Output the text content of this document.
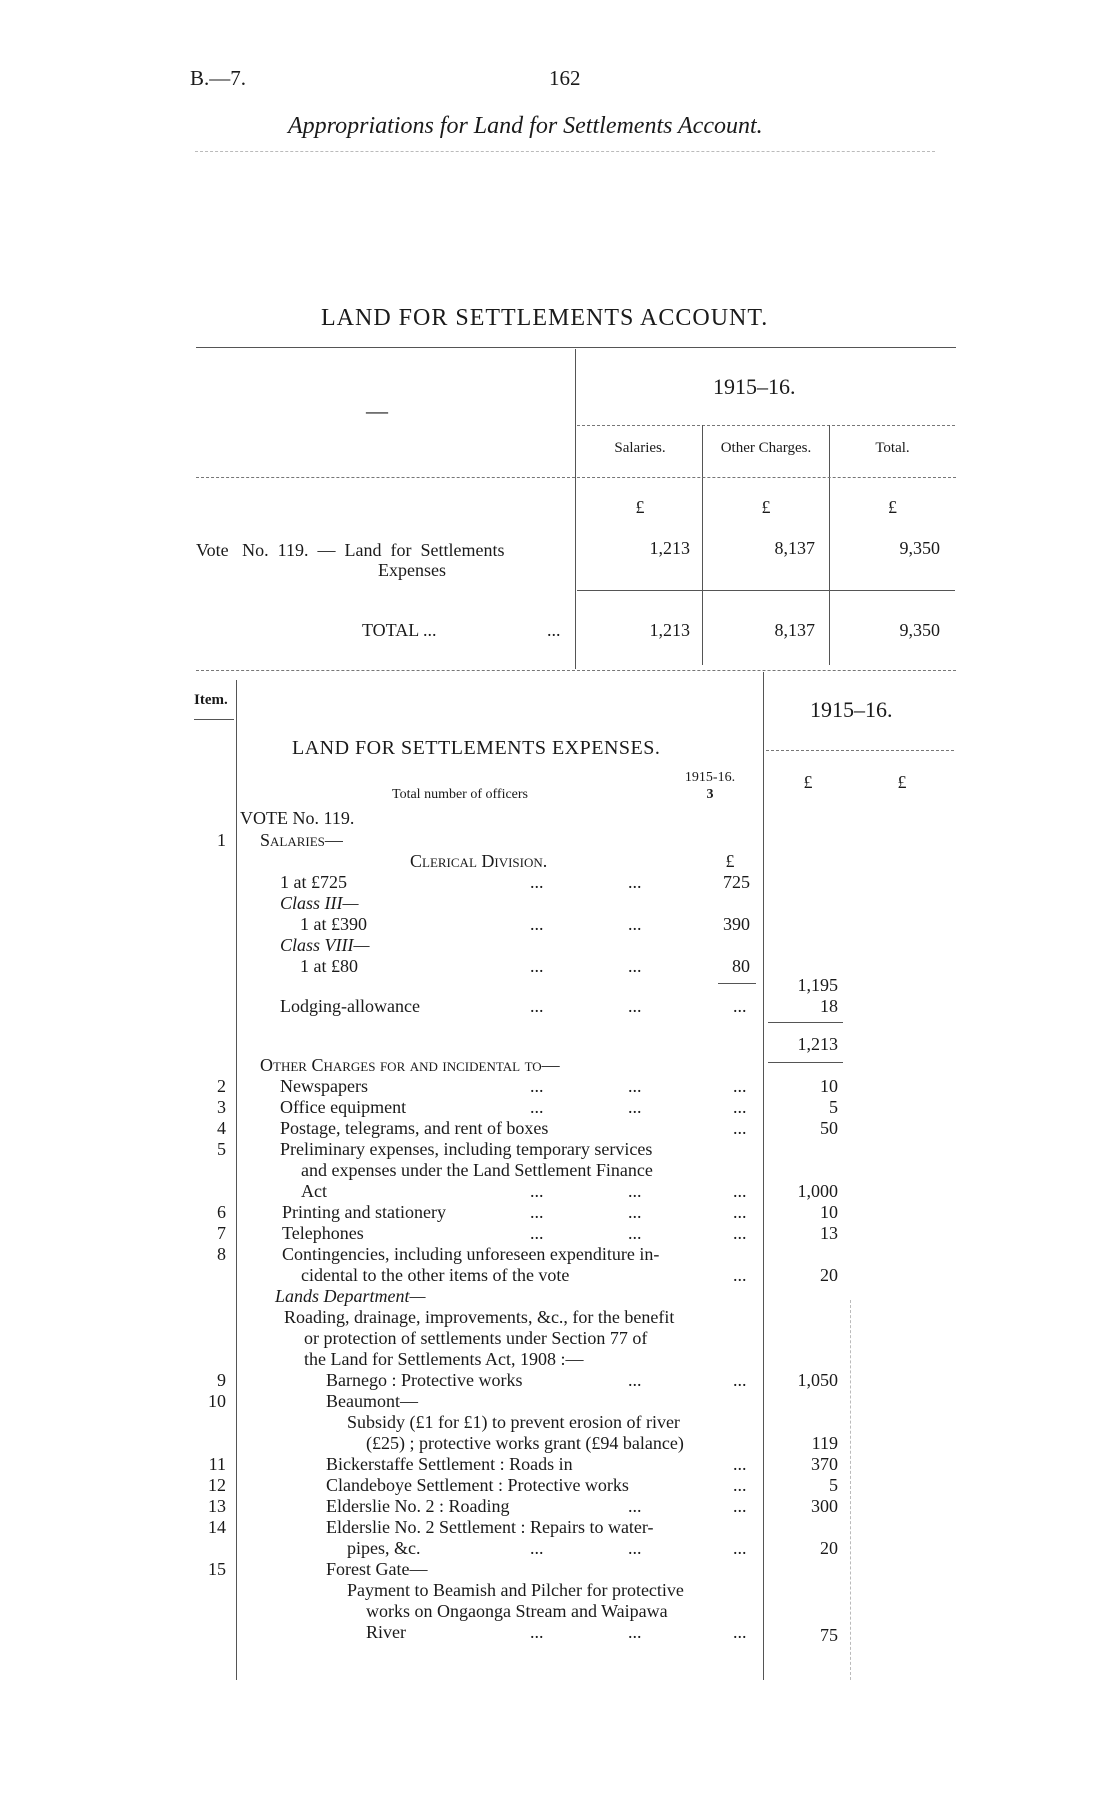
B.—7.	162
Appropriations for Land for Settlements Account.
LAND FOR SETTLEMENTS ACCOUNT.
—
1915–16.
Salaries.	Other Charges.	Total.
£	£	£
Vote   No.  119.  —  Land  for  Settlements
Expenses
1,213	8,137	9,350
TOTAL ...	...	1,213	8,137	9,350
Item.	1915–16.
LAND FOR SETTLEMENTS EXPENSES.
Total number of officers
1915-16.
3
£	£
VOTE No. 119.
1 Salaries—
Clerical Division.	£
1 at £725	...	...	725
Class III—
1 at £390	...	...	390
Class VIII—
1 at £80	...	...	80
1,195
Lodging-allowance	...	...	...	18
1,213
Other Charges for and incidental to—
2	Newspapers	...	...	...	10
3	Office equipment	...	...	...	5
4	Postage, telegrams, and rent of boxes	...	50
5	Preliminary expenses, including temporary services
and expenses under the Land Settlement Finance
Act	...	...	...	1,000
6	Printing and stationery	...	...	...	10
7	Telephones	...	...	...	13
8	Contingencies, including unforeseen expenditure in-
cidental to the other items of the vote	...	20
Lands Department—
Roading, drainage, improvements, &c., for the benefit
or protection of settlements under Section 77 of
the Land for Settlements Act, 1908 :—
9	Barnego : Protective works	...	...	1,050
10	Beaumont—
Subsidy (£1 for £1) to prevent erosion of river
(£25) ; protective works grant (£94 balance)	119
11	Bickerstaffe Settlement : Roads in	...	370
12	Clandeboye Settlement : Protective works	...	5
13	Elderslie No. 2 : Roading	...	...	300
14	Elderslie No. 2 Settlement : Repairs to water-
pipes, &c.	...	...	...	20
15	Forest Gate—
Payment to Beamish and Pilcher for protective
works on Ongaonga Stream and Waipawa
River	...	...	...	75
